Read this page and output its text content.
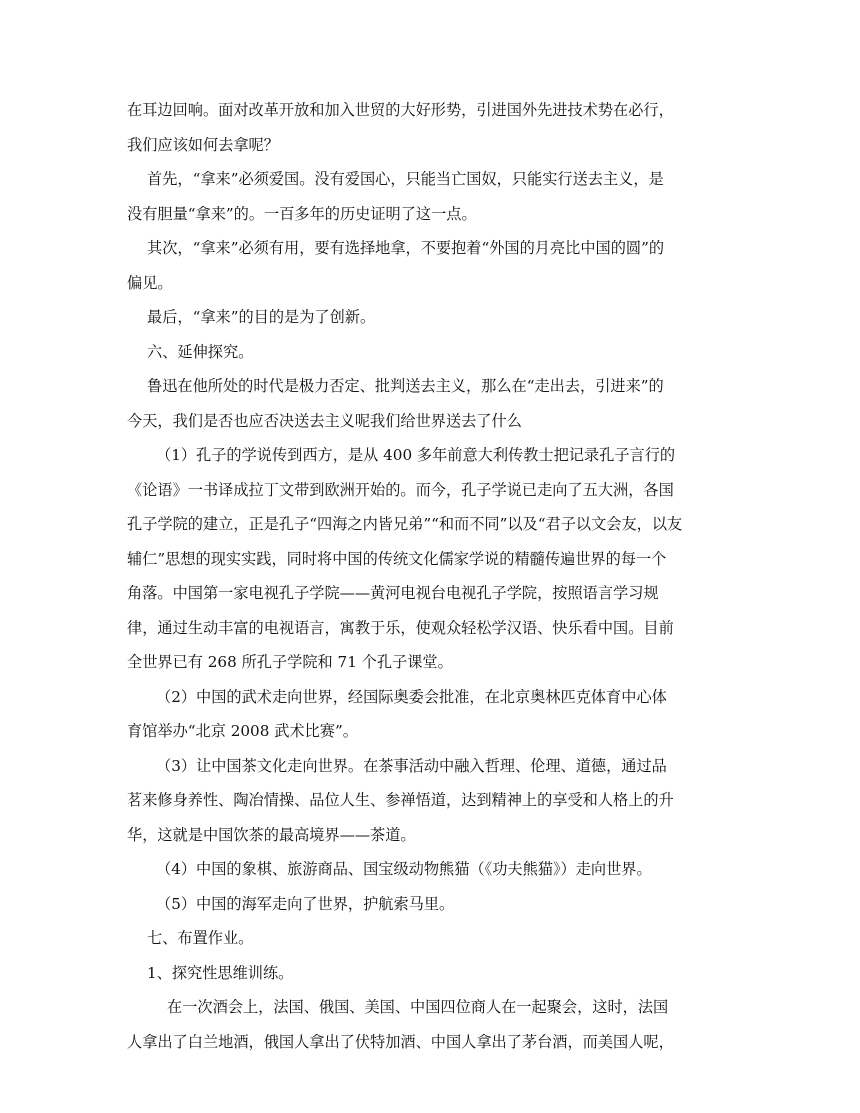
在耳边回响。面对改革开放和加入世贸的大好形势，引进国外先进技术势在必行，
我们应该如何去拿呢？
首先，“拿来”必须爱国。没有爱国心，只能当亡国奴，只能实行送去主义，是
没有胆量“拿来”的。一百多年的历史证明了这一点。
其次，“拿来”必须有用，要有选择地拿，不要抱着“外国的月亮比中国的圆”的
偏见。
最后，“拿来”的目的是为了创新。
六、延伸探究。
鲁迅在他所处的时代是极力否定、批判送去主义，那么在“走出去，引进来”的
今天，我们是否也应否决送去主义呢我们给世界送去了什么
（1）孔子的学说传到西方，是从 400 多年前意大利传教士把记录孔子言行的
《论语》一书译成拉丁文带到欧洲开始的。而今，孔子学说已走向了五大洲，各国
孔子学院的建立，正是孔子“四海之内皆兄弟”“和而不同”以及“君子以文会友，以友
辅仁”思想的现实实践，同时将中国的传统文化儒家学说的精髓传遍世界的每一个
角落。中国第一家电视孔子学院——黄河电视台电视孔子学院，按照语言学习规
律，通过生动丰富的电视语言，寓教于乐，使观众轻松学汉语、快乐看中国。目前
全世界已有 268 所孔子学院和 71 个孔子课堂。
（2）中国的武术走向世界，经国际奥委会批准，在北京奥林匹克体育中心体
育馆举办“北京 2008 武术比赛”。
（3）让中国茶文化走向世界。在茶事活动中融入哲理、伦理、道德，通过品
茗来修身养性、陶冶情操、品位人生、参禅悟道，达到精神上的享受和人格上的升
华，这就是中国饮茶的最高境界——茶道。
（4）中国的象棋、旅游商品、国宝级动物熊猫（《功夫熊猫》）走向世界。
（5）中国的海军走向了世界，护航索马里。
七、布置作业。
1、探究性思维训练。
在一次酒会上，法国、俄国、美国、中国四位商人在一起聚会，这时，法国
人拿出了白兰地酒，俄国人拿出了伏特加酒、中国人拿出了茅台酒，而美国人呢，
